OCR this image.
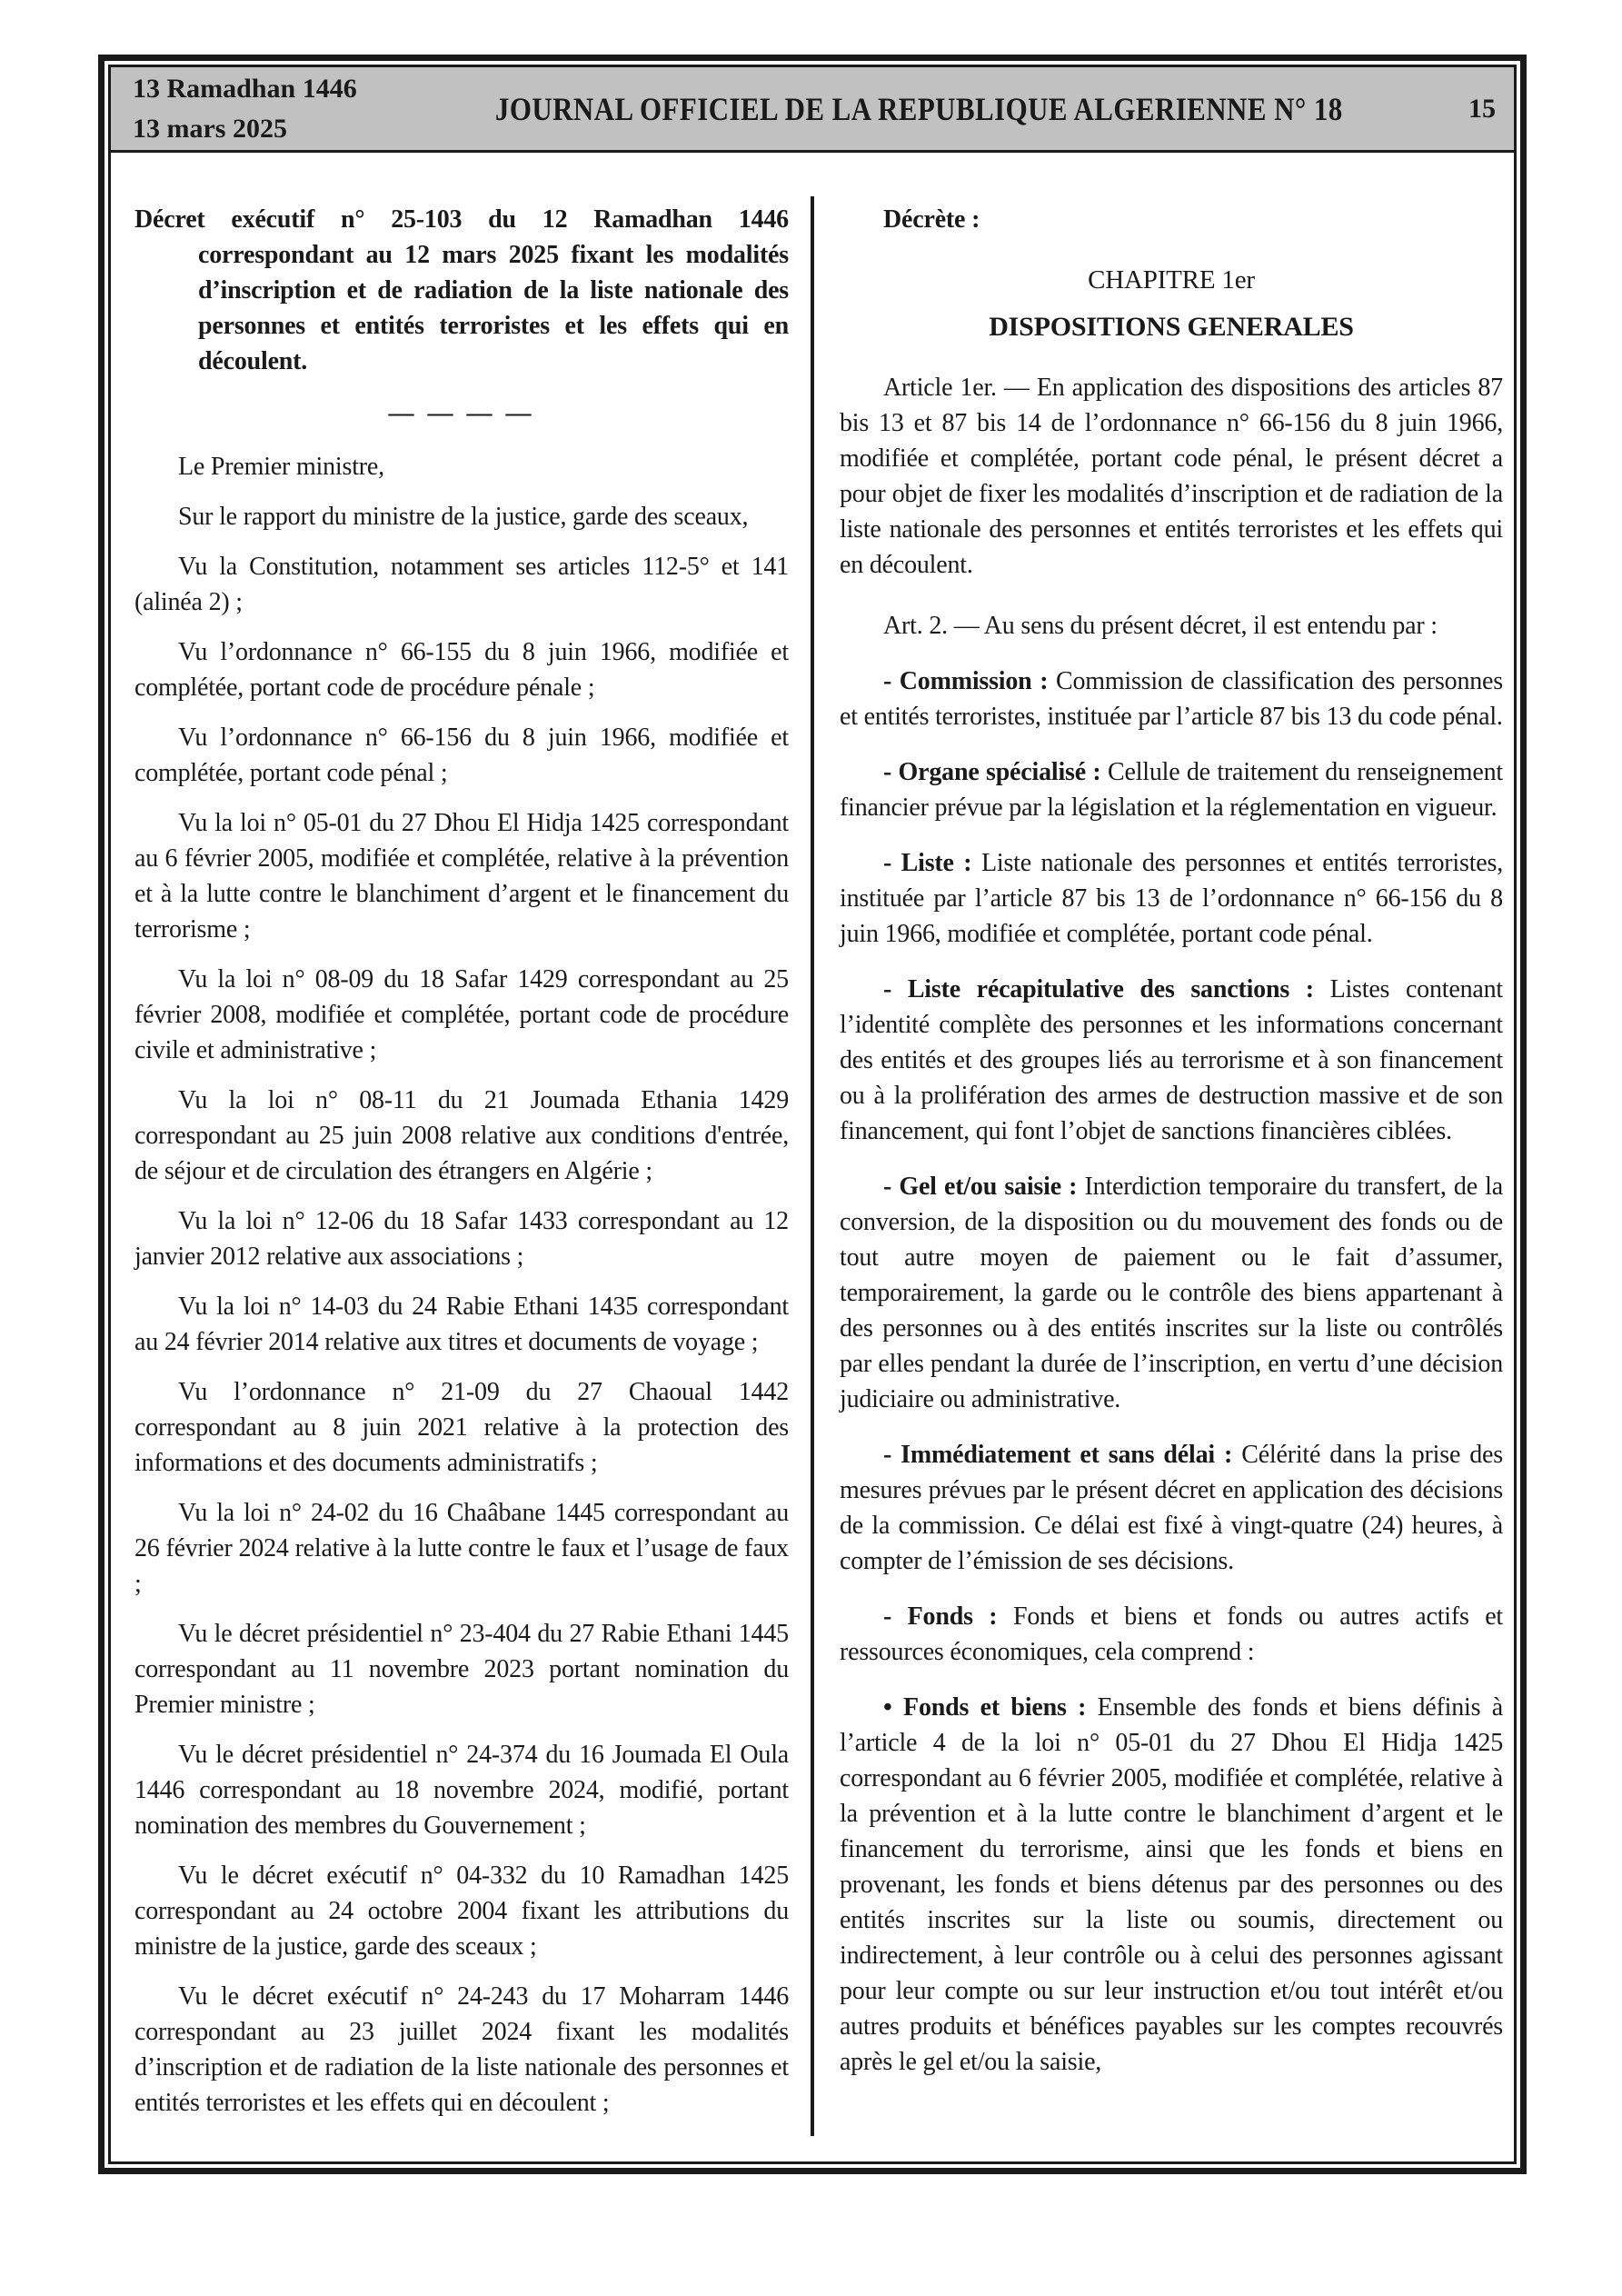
13 Ramadhan 1446
13 mars 2025
JOURNAL OFFICIEL DE LA REPUBLIQUE ALGERIENNE N° 18	15

Décret exécutif n° 25-103 du 12 Ramadhan 1446 correspondant au 12 mars 2025 fixant les modalités d’inscription et de radiation de la liste nationale des personnes et entités terroristes et les effets qui en découlent.

— — — —

Le Premier ministre,

Sur le rapport du ministre de la justice, garde des sceaux,

Vu la Constitution, notamment ses articles 112-5° et 141 (alinéa 2) ;

Vu l’ordonnance n° 66-155 du 8 juin 1966, modifiée et complétée, portant code de procédure pénale ;

Vu l’ordonnance n° 66-156 du 8 juin 1966, modifiée et complétée, portant code pénal ;

Vu la loi n° 05-01 du 27 Dhou El Hidja 1425 correspondant au 6 février 2005, modifiée et complétée, relative à la prévention et à la lutte contre le blanchiment d’argent et le financement du terrorisme ;

Vu la loi n° 08-09 du 18 Safar 1429 correspondant au 25 février 2008, modifiée et complétée, portant code de procédure civile et administrative ;

Vu la loi n° 08-11 du 21 Joumada Ethania 1429 correspondant au 25 juin 2008 relative aux conditions d'entrée, de séjour et de circulation des étrangers en Algérie ;

Vu la loi n° 12-06 du 18 Safar 1433 correspondant au 12 janvier 2012 relative aux associations ;

Vu la loi n° 14-03 du 24 Rabie Ethani 1435 correspondant au 24 février 2014 relative aux titres et documents de voyage ;

Vu l’ordonnance n° 21-09 du 27 Chaoual 1442 correspondant au 8 juin 2021 relative à la protection des informations et des documents administratifs ;

Vu la loi n° 24-02 du 16 Chaâbane 1445 correspondant au 26 février 2024 relative à la lutte contre le faux et l’usage de faux ;

Vu le décret présidentiel n° 23-404 du 27 Rabie Ethani 1445 correspondant au 11 novembre 2023 portant nomination du Premier ministre ;

Vu le décret présidentiel n° 24-374 du 16 Joumada El Oula 1446 correspondant au 18 novembre 2024, modifié, portant nomination des membres du Gouvernement ;

Vu le décret exécutif n° 04-332 du 10 Ramadhan 1425 correspondant au 24 octobre 2004 fixant les attributions du ministre de la justice, garde des sceaux ;

Vu le décret exécutif n° 24-243 du 17 Moharram 1446 correspondant au 23 juillet 2024 fixant les modalités d’inscription et de radiation de la liste nationale des personnes et entités terroristes et les effets qui en découlent ;

Décrète :

CHAPITRE 1er

DISPOSITIONS GENERALES

Article 1er. — En application des dispositions des articles 87 bis 13 et 87 bis 14 de l’ordonnance n° 66-156 du 8 juin 1966, modifiée et complétée, portant code pénal, le présent décret a pour objet de fixer les modalités d’inscription et de radiation de la liste nationale des personnes et entités terroristes et les effets qui en découlent.

Art. 2. — Au sens du présent décret, il est entendu par :

- Commission : Commission de classification des personnes et entités terroristes, instituée par l’article 87 bis 13 du code pénal.

- Organe spécialisé : Cellule de traitement du renseignement financier prévue par la législation et la réglementation en vigueur.

- Liste : Liste nationale des personnes et entités terroristes, instituée par l’article 87 bis 13 de l’ordonnance n° 66-156 du 8 juin 1966, modifiée et complétée, portant code pénal.

- Liste récapitulative des sanctions : Listes contenant l’identité complète des personnes et les informations concernant des entités et des groupes liés au terrorisme et à son financement ou à la prolifération des armes de destruction massive et de son financement, qui font l’objet de sanctions financières ciblées.

- Gel et/ou saisie : Interdiction temporaire du transfert, de la conversion, de la disposition ou du mouvement des fonds ou de tout autre moyen de paiement ou le fait d’assumer, temporairement, la garde ou le contrôle des biens appartenant à des personnes ou à des entités inscrites sur la liste ou contrôlés par elles pendant la durée de l’inscription, en vertu d’une décision judiciaire ou administrative.

- Immédiatement et sans délai : Célérité dans la prise des mesures prévues par le présent décret en application des décisions de la commission. Ce délai est fixé à vingt-quatre (24) heures, à compter de l’émission de ses décisions.

- Fonds : Fonds et biens et fonds ou autres actifs et ressources économiques, cela comprend :

• Fonds et biens : Ensemble des fonds et biens définis à l’article 4 de la loi n° 05-01 du 27 Dhou El Hidja 1425 correspondant au 6 février 2005, modifiée et complétée, relative à la prévention et à la lutte contre le blanchiment d’argent et le financement du terrorisme, ainsi que les fonds et biens en provenant, les fonds et biens détenus par des personnes ou des entités inscrites sur la liste ou soumis, directement ou indirectement, à leur contrôle ou à celui des personnes agissant pour leur compte ou sur leur instruction et/ou tout intérêt et/ou autres produits et bénéfices payables sur les comptes recouvrés après le gel et/ou la saisie,
